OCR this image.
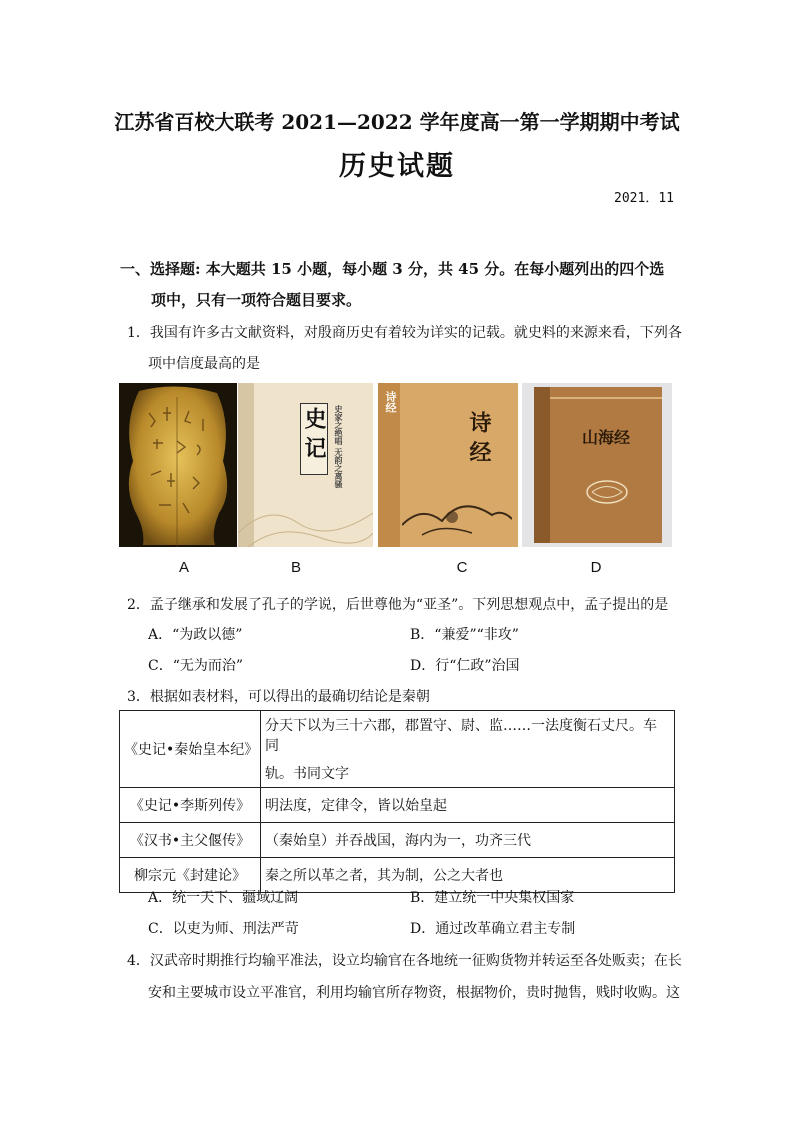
江苏省百校大联考 2021—2022 学年度高一第一学期期中考试
历史试题
2021．11
一、选择题: 本大题共 15 小题，每小题 3 分，共 45 分。在每小题列出的四个选
项中，只有一项符合题目要求。
1．我国有许多古文献资料，对殷商历史有着较为详实的记载。就史料的来源来看，下列各
项中信度最高的是
史 记 史家之绝唱 无韵之离骚
诗经
诗 经	山海经
A	B	C	D
2．孟子继承和发展了孔子的学说，后世尊他为“亚圣”。下列思想观点中，孟子提出的是
A．“为政以德”	B．“兼爱”“非攻”
C．“无为而治”	D．行“仁政”治国
3．根据如表材料，可以得出的最确切结论是秦朝
《史记•秦始皇本纪》	分天下以为三十六郡，郡置守、尉、监……一法度衡石丈尺。车同
轨。书同文字

《史记•李斯列传》	明法度，定律令，皆以始皇起
《汉书•主父偃传》	（秦始皇）并吞战国，海内为一，功齐三代
柳宗元《封建论》	秦之所以革之者，其为制，公之大者也
A．统一天下、疆域辽阔	B．建立统一中央集权国家
C．以吏为师、刑法严苛	D．通过改革确立君主专制
4．汉武帝时期推行均输平准法，设立均输官在各地统一征购货物并转运至各处贩卖；在长
安和主要城市设立平准官，利用均输官所存物资，根据物价，贵时抛售，贱时收购。这
